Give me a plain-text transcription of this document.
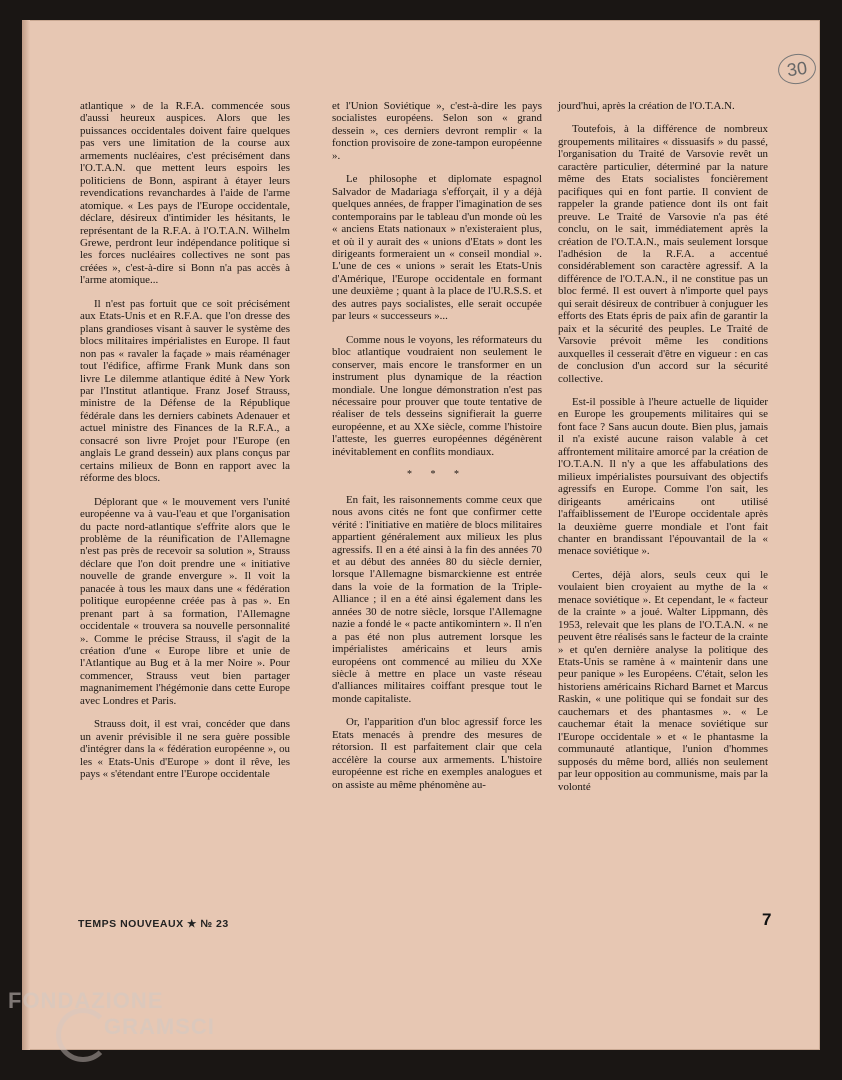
30

atlantique » de la R.F.A. commencée sous d'aussi heureux auspices. Alors que les puissances occidentales doivent faire quelques pas vers une limitation de la course aux armements nucléaires, c'est précisément dans l'O.T.A.N. que mettent leurs espoirs les politiciens de Bonn, aspirant à étayer leurs revendications revanchardes à l'aide de l'arme atomique. « Les pays de l'Europe occidentale, déclare, désireux d'intimider les hésitants, le représentant de la R.F.A. à l'O.T.A.N. Wilhelm Grewe, perdront leur indépendance politique si les forces nucléaires collectives ne sont pas créées », c'est-à-dire si Bonn n'a pas accès à l'arme atomique...

Il n'est pas fortuit que ce soit précisément aux Etats-Unis et en R.F.A. que l'on dresse des plans grandioses visant à sauver le système des blocs militaires impérialistes en Europe. Il faut non pas « ravaler la façade » mais réaménager tout l'édifice, affirme Frank Munk dans son livre Le dilemme atlantique édité à New York par l'Institut atlantique. Franz Josef Strauss, ministre de la Défense de la République fédérale dans les derniers cabinets Adenauer et actuel ministre des Finances de la R.F.A., a consacré son livre Projet pour l'Europe (en anglais Le grand dessein) aux plans conçus par certains milieux de Bonn en rapport avec la réforme des blocs.

Déplorant que « le mouvement vers l'unité européenne va à vau-l'eau et que l'organisation du pacte nord-atlantique s'effrite alors que le problème de la réunification de l'Allemagne n'est pas près de recevoir sa solution », Strauss déclare que l'on doit prendre une « initiative nouvelle de grande envergure ». Il voit la panacée à tous les maux dans une « fédération politique européenne créée pas à pas ». En prenant part à sa formation, l'Allemagne occidentale « trouvera sa nouvelle personnalité ». Comme le précise Strauss, il s'agit de la création d'une « Europe libre et unie de l'Atlantique au Bug et à la mer Noire ». Pour commencer, Strauss veut bien partager magnanimement l'hégémonie dans cette Europe avec Londres et Paris.

Strauss doit, il est vrai, concéder que dans un avenir prévisible il ne sera guère possible d'intégrer dans la « fédération européenne », ou les « Etats-Unis d'Europe » dont il rêve, les pays « s'étendant entre l'Europe occidentale

et l'Union Soviétique », c'est-à-dire les pays socialistes européens. Selon son « grand dessein », ces derniers devront remplir « la fonction provisoire de zone-tampon européenne ».

Le philosophe et diplomate espagnol Salvador de Madariaga s'efforçait, il y a déjà quelques années, de frapper l'imagination de ses contemporains par le tableau d'un monde où les « anciens Etats nationaux » n'existeraient plus, et où il y aurait des « unions d'Etats » dont les dirigeants formeraient un « conseil mondial ». L'une de ces « unions » serait les Etats-Unis d'Amérique, l'Europe occidentale en formant une deuxième ; quant à la place de l'U.R.S.S. et des autres pays socialistes, elle serait occupée par leurs « successeurs »...

Comme nous le voyons, les réformateurs du bloc atlantique voudraient non seulement le conserver, mais encore le transformer en un instrument plus dynamique de la réaction mondiale. Une longue démonstration n'est pas nécessaire pour prouver que toute tentative de réaliser de tels desseins signifierait la guerre européenne, et au XXe siècle, comme l'histoire l'atteste, les guerres européennes dégénèrent inévitablement en conflits mondiaux.

* * *

En fait, les raisonnements comme ceux que nous avons cités ne font que confirmer cette vérité : l'initiative en matière de blocs militaires appartient généralement aux milieux les plus agressifs. Il en a été ainsi à la fin des années 70 et au début des années 80 du siècle dernier, lorsque l'Allemagne bismarckienne est entrée dans la voie de la formation de la Triple-Alliance ; il en a été ainsi également dans les années 30 de notre siècle, lorsque l'Allemagne nazie a fondé le « pacte antikomintern ». Il n'en a pas été non plus autrement lorsque les impérialistes américains et leurs amis européens ont commencé au milieu du XXe siècle à mettre en place un vaste réseau d'alliances militaires coiffant presque tout le monde capitaliste.

Or, l'apparition d'un bloc agressif force les Etats menacés à prendre des mesures de rétorsion. Il est parfaitement clair que cela accélère la course aux armements. L'histoire européenne est riche en exemples analogues et on assiste au même phénomène au-

jourd'hui, après la création de l'O.T.A.N.

Toutefois, à la différence de nombreux groupements militaires « dissuasifs » du passé, l'organisation du Traité de Varsovie revêt un caractère particulier, déterminé par la nature même des Etats socialistes foncièrement pacifiques qui en font partie. Il convient de rappeler la grande patience dont ils ont fait preuve. Le Traité de Varsovie n'a pas été conclu, on le sait, immédiatement après la création de l'O.T.A.N., mais seulement lorsque l'adhésion de la R.F.A. a accentué considérablement son caractère agressif. A la différence de l'O.T.A.N., il ne constitue pas un bloc fermé. Il est ouvert à n'importe quel pays qui serait désireux de contribuer à conjuguer les efforts des Etats épris de paix afin de garantir la paix et la sécurité des peuples. Le Traité de Varsovie prévoit même les conditions auxquelles il cesserait d'être en vigueur : en cas de conclusion d'un accord sur la sécurité collective.

Est-il possible à l'heure actuelle de liquider en Europe les groupements militaires qui se font face ? Sans aucun doute. Bien plus, jamais il n'a existé aucune raison valable à cet affrontement militaire amorcé par la création de l'O.T.A.N. Il n'y a que les affabulations des milieux impérialistes poursuivant des objectifs agressifs en Europe. Comme l'on sait, les dirigeants américains ont utilisé l'affaiblissement de l'Europe occidentale après la deuxième guerre mondiale et l'ont fait chanter en brandissant l'épouvantail de la « menace soviétique ».

Certes, déjà alors, seuls ceux qui le voulaient bien croyaient au mythe de la « menace soviétique ». Et cependant, le « facteur de la crainte » a joué. Walter Lippmann, dès 1953, relevait que les plans de l'O.T.A.N. « ne peuvent être réalisés sans le facteur de la crainte » et qu'en dernière analyse la politique des Etats-Unis se ramène à « maintenir dans une peur panique » les Européens. C'était, selon les historiens américains Richard Barnet et Marcus Raskin, « une politique qui se fondait sur des cauchemars et des phantasmes ». « Le cauchemar était la menace soviétique sur l'Europe occidentale » et « le phantasme la communauté atlantique, l'union d'hommes supposés du même bord, alliés non seulement par leur opposition au communisme, mais par la volonté

TEMPS NOUVEAUX ★ № 23	7
FONDAZIONE
GRAMSCI
